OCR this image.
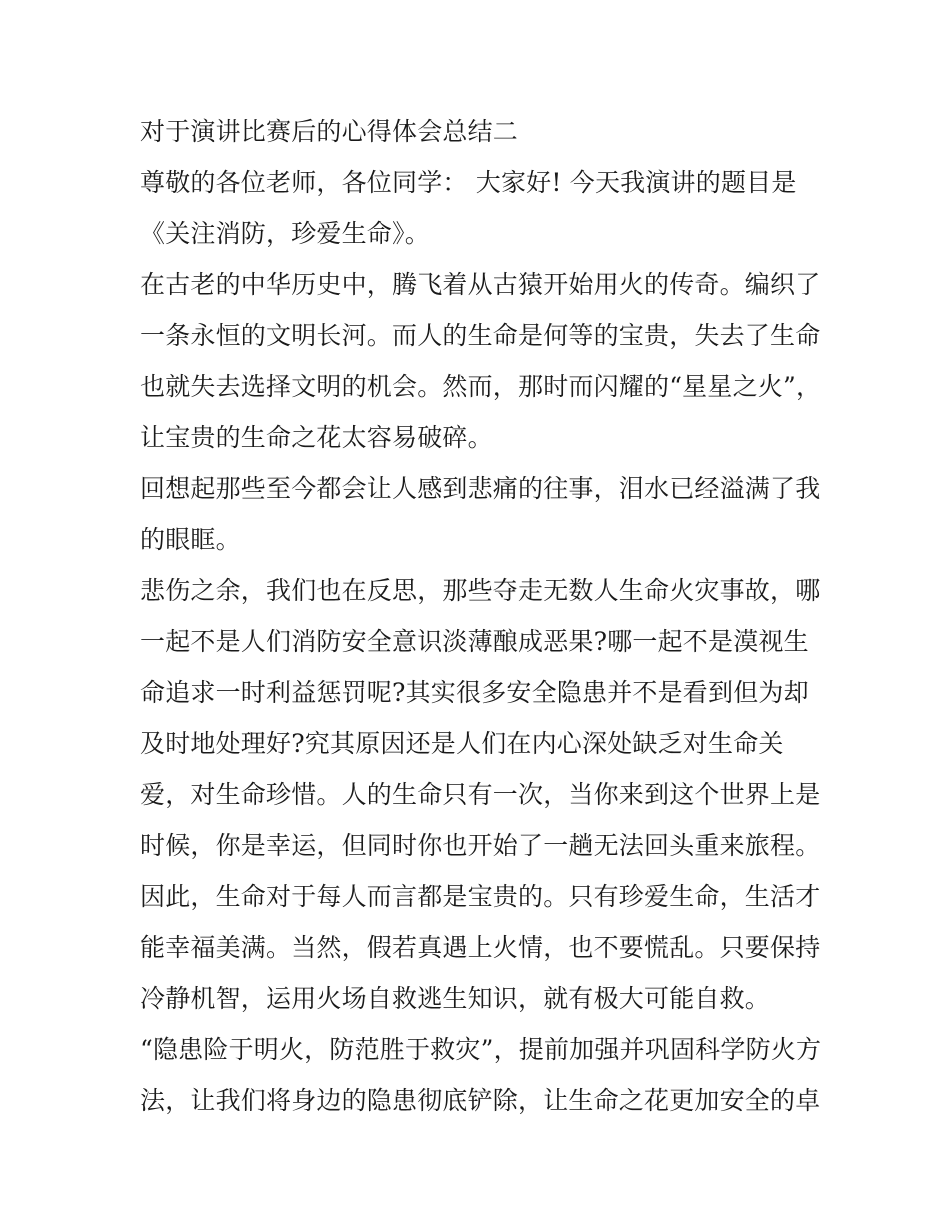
对于演讲比赛后的心得体会总结二
尊敬的各位老师，各位同学： 大家好! 今天我演讲的题目是
《关注消防，珍爱生命》。
在古老的中华历史中，腾飞着从古猿开始用火的传奇。编织了
一条永恒的文明长河。而人的生命是何等的宝贵，失去了生命
也就失去选择文明的机会。然而，那时而闪耀的“星星之火”，
让宝贵的生命之花太容易破碎。
回想起那些至今都会让人感到悲痛的往事，泪水已经溢满了我
的眼眶。
悲伤之余，我们也在反思，那些夺走无数人生命火灾事故，哪
一起不是人们消防安全意识淡薄酿成恶果?哪一起不是漠视生
命追求一时利益惩罚呢?其实很多安全隐患并不是看到但为却
及时地处理好?究其原因还是人们在内心深处缺乏对生命关
爱，对生命珍惜。人的生命只有一次，当你来到这个世界上是
时候，你是幸运，但同时你也开始了一趟无法回头重来旅程。
因此，生命对于每人而言都是宝贵的。只有珍爱生命，生活才
能幸福美满。当然，假若真遇上火情，也不要慌乱。只要保持
冷静机智，运用火场自救逃生知识，就有极大可能自救。
“隐患险于明火，防范胜于救灾”，提前加强并巩固科学防火方
法，让我们将身边的隐患彻底铲除，让生命之花更加安全的卓
